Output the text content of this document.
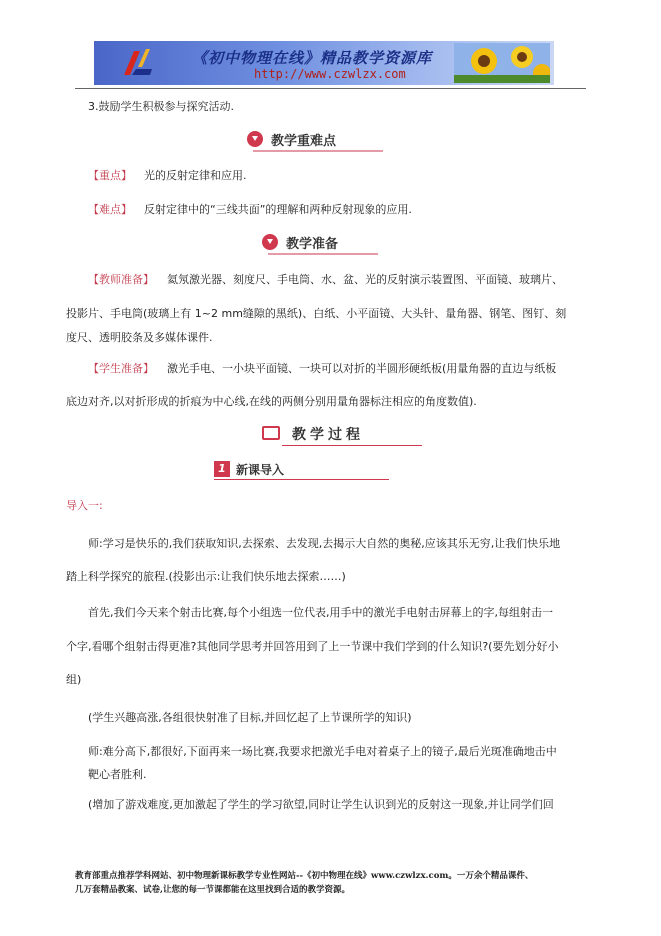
《初中物理在线》精品教学资源库
http://www.czwlzx.com
3.鼓励学生积极参与探究活动.
教学重难点
【重点】 光的反射定律和应用.
【难点】 反射定律中的“三线共面”的理解和两种反射现象的应用.
教学准备
【教师准备】 氦氖激光器、刻度尺、手电筒、水、盆、光的反射演示装置图、平面镜、玻璃片、
投影片、手电筒(玻璃上有 1~2 mm缝隙的黑纸)、白纸、小平面镜、大头针、量角器、钢笔、图钉、刻
度尺、透明胶条及多媒体课件.
【学生准备】 激光手电、一小块平面镜、一块可以对折的半圆形硬纸板(用量角器的直边与纸板
底边对齐,以对折形成的折痕为中心线,在线的两侧分别用量角器标注相应的角度数值).
教学过程
1 新课导入
导入一:
师:学习是快乐的,我们获取知识,去探索、去发现,去揭示大自然的奥秘,应该其乐无穷,让我们快乐地
踏上科学探究的旅程.(投影出示:让我们快乐地去探索……)
首先,我们今天来个射击比赛,每个小组选一位代表,用手中的激光手电射击屏幕上的字,每组射击一
个字,看哪个组射击得更准?其他同学思考并回答用到了上一节课中我们学到的什么知识?(要先划分好小
组)
(学生兴趣高涨,各组很快射准了目标,并回忆起了上节课所学的知识)
师:难分高下,都很好,下面再来一场比赛,我要求把激光手电对着桌子上的镜子,最后光斑准确地击中
靶心者胜利.
(增加了游戏难度,更加激起了学生的学习欲望,同时让学生认识到光的反射这一现象,并让同学们回
教育部重点推荐学科网站、初中物理新课标教学专业性网站--《初中物理在线》www.czwlzx.com。一万余个精品课件、
几万套精品教案、试卷,让您的每一节课都能在这里找到合适的教学资源。
